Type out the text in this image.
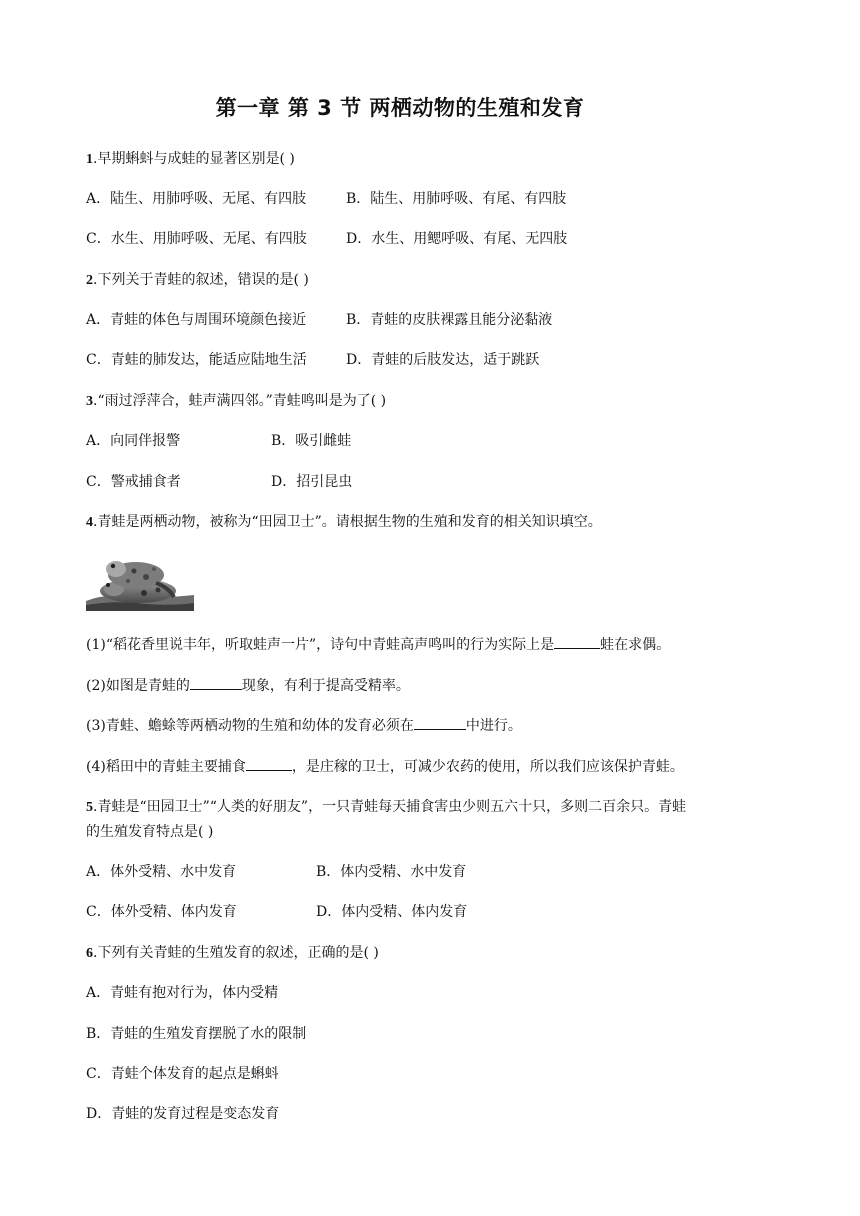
第一章 第 3 节 两栖动物的生殖和发育
1.早期蝌蚪与成蛙的显著区别是( )
A．陆生、用肺呼吸、无尾、有四肢	B．陆生、用肺呼吸、有尾、有四肢
C．水生、用肺呼吸、无尾、有四肢	D．水生、用鳃呼吸、有尾、无四肢
2.下列关于青蛙的叙述，错误的是( )
A．青蛙的体色与周围环境颜色接近	B．青蛙的皮肤裸露且能分泌黏液
C．青蛙的肺发达，能适应陆地生活	D．青蛙的后肢发达，适于跳跃
3.“雨过浮萍合，蛙声满四邻。”青蛙鸣叫是为了( )
A．向同伴报警	B．吸引雌蛙
C．警戒捕食者	D．招引昆虫
4.青蛙是两栖动物，被称为“田园卫士”。请根据生物的生殖和发育的相关知识填空。
(1)“稻花香里说丰年，听取蛙声一片”，诗句中青蛙高声鸣叫的行为实际上是	蛙在求偶。
(2)如图是青蛙的	现象，有利于提高受精率。
(3)青蛙、蟾蜍等两栖动物的生殖和幼体的发育必须在	中进行。
(4)稻田中的青蛙主要捕食	，是庄稼的卫士，可减少农药的使用，所以我们应该保护青蛙。
5.青蛙是“田园卫士”“人类的好朋友”，一只青蛙每天捕食害虫少则五六十只，多则二百余只。青蛙
的生殖发育特点是( )
A．体外受精、水中发育	B．体内受精、水中发育
C．体外受精、体内发育	D．体内受精、体内发育
6.下列有关青蛙的生殖发育的叙述，正确的是( )
A．青蛙有抱对行为，体内受精
B．青蛙的生殖发育摆脱了水的限制
C．青蛙个体发育的起点是蝌蚪
D．青蛙的发育过程是变态发育
